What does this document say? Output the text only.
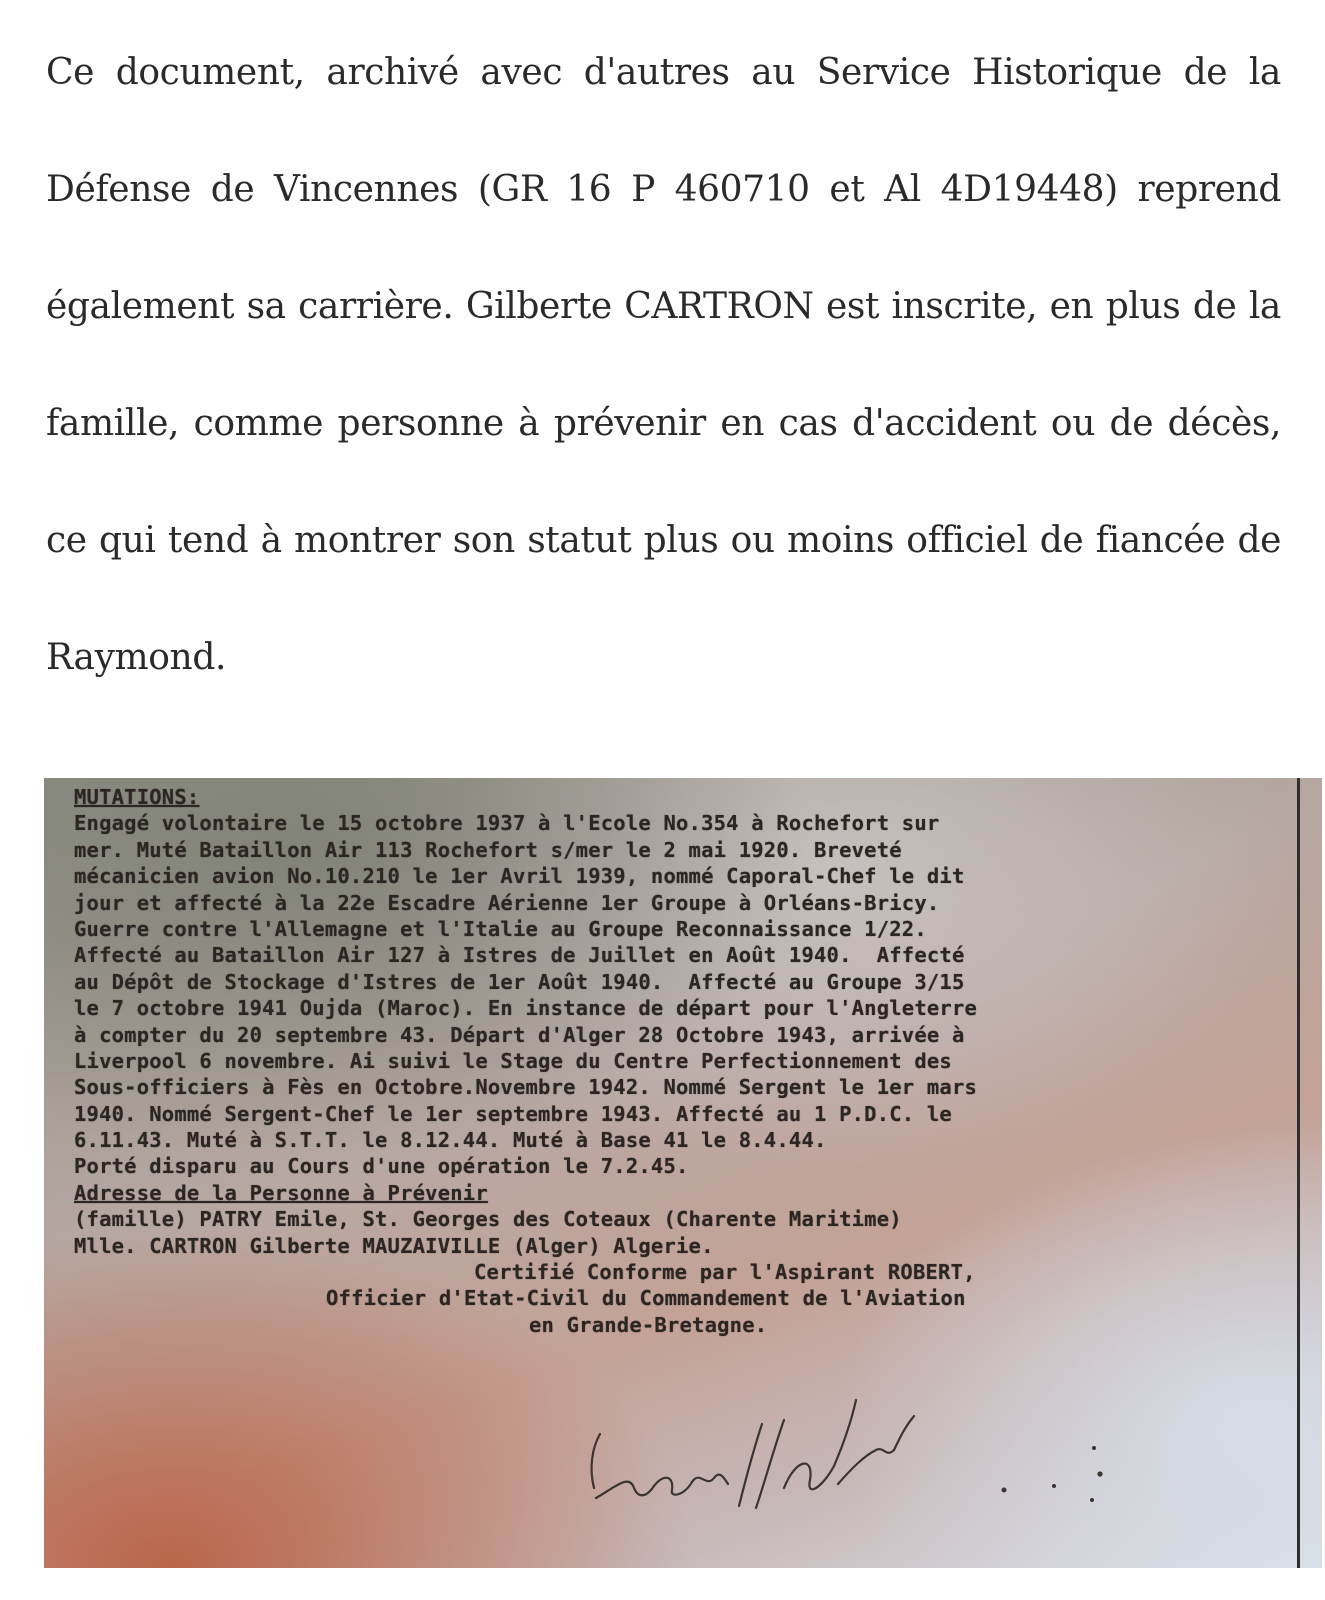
Ce document, archivé avec d'autres au Service Historique de la Défense de Vincennes (GR 16 P 460710 et Al 4D19448) reprend également sa carrière. Gilberte CARTRON est inscrite, en plus de la famille, comme personne à prévenir en cas d'accident ou de décès, ce qui tend à montrer son statut plus ou moins officiel de fiancée de Raymond.

MUTATIONS:
Engagé volontaire le 15 octobre 1937 à l'Ecole No.354 à Rochefort sur
mer. Muté Bataillon Air 113 Rochefort s/mer le 2 mai 1920. Breveté
mécanicien avion No.10.210 le 1er Avril 1939, nommé Caporal-Chef le dit
jour et affecté à la 22e Escadre Aérienne 1er Groupe à Orléans-Bricy.
Guerre contre l'Allemagne et l'Italie au Groupe Reconnaissance 1/22.
Affecté au Bataillon Air 127 à Istres de Juillet en Août 1940.  Affecté
au Dépôt de Stockage d'Istres de 1er Août 1940.  Affecté au Groupe 3/15
le 7 octobre 1941 Oujda (Maroc). En instance de départ pour l'Angleterre
à compter du 20 septembre 43. Départ d'Alger 28 Octobre 1943, arrivée à
Liverpool 6 novembre. Ai suivi le Stage du Centre Perfectionnement des
Sous-officiers à Fès en Octobre.Novembre 1942. Nommé Sergent le 1er mars
1940. Nommé Sergent-Chef le 1er septembre 1943. Affecté au 1 P.D.C. le
6.11.43. Muté à S.T.T. le 8.12.44. Muté à Base 41 le 8.4.44.
Porté disparu au Cours d'une opération le 7.2.45.
Adresse de la Personne à Prévenir
(famille) PATRY Emile, St. Georges des Coteaux (Charente Maritime)
Mlle. CARTRON Gilberte MAUZAIVILLE (Alger) Algerie.
Certifié Conforme par l'Aspirant ROBERT,
Officier d'Etat-Civil du Commandement de l'Aviation
en Grande-Bretagne.
